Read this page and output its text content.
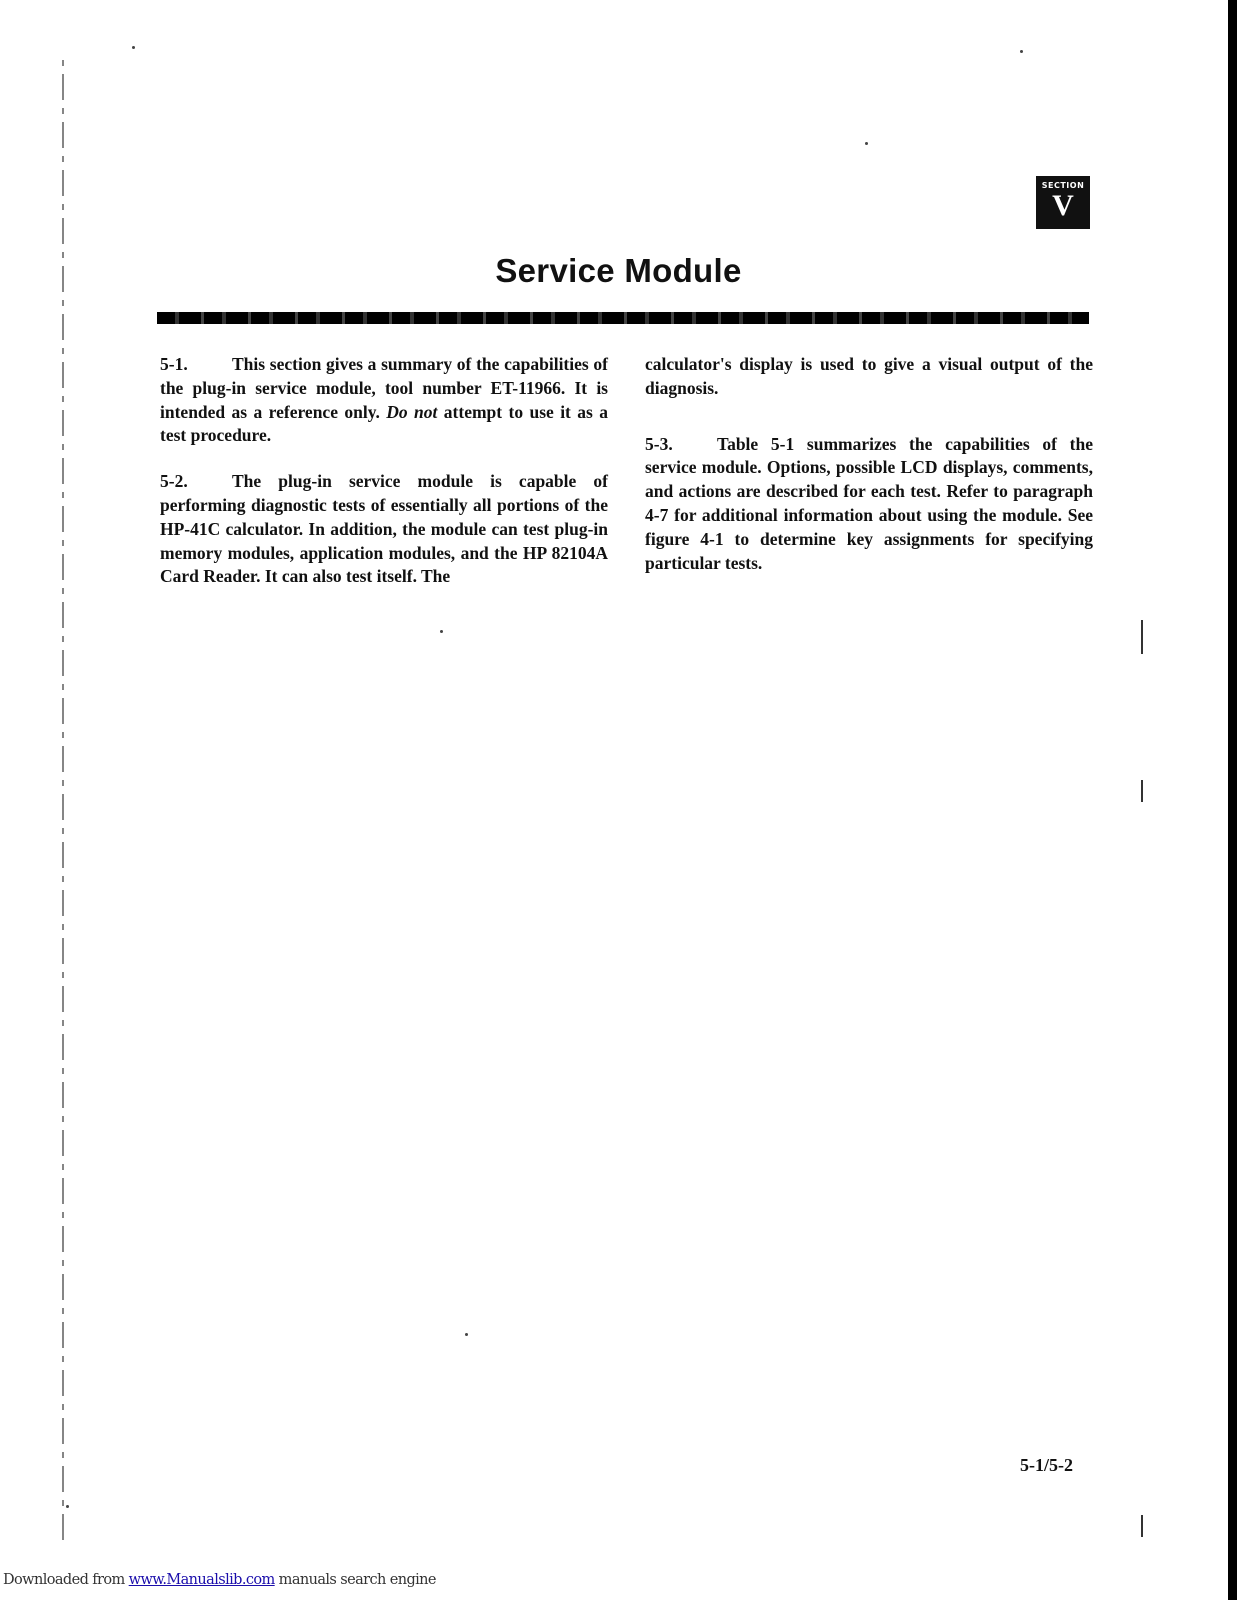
SECTION
V
Service Module

5-1.	This section gives a summary of the capabilities of the plug-in service module, tool number ET-11966. It is intended as a reference only. Do not attempt to use it as a test procedure.

5-2.	The plug-in service module is capable of performing diagnostic tests of essentially all portions of the HP-41C calculator. In addition, the module can test plug-in memory modules, application modules, and the HP 82104A Card Reader. It can also test itself. The

calculator's display is used to give a visual output of the diagnosis.

5-3.	Table 5-1 summarizes the capabilities of the service module. Options, possible LCD displays, comments, and actions are described for each test. Refer to paragraph 4-7 for additional information about using the module. See figure 4-1 to determine key assignments for specifying particular tests.

5-1/5-2
Downloaded from www.Manualslib.com manuals search engine
